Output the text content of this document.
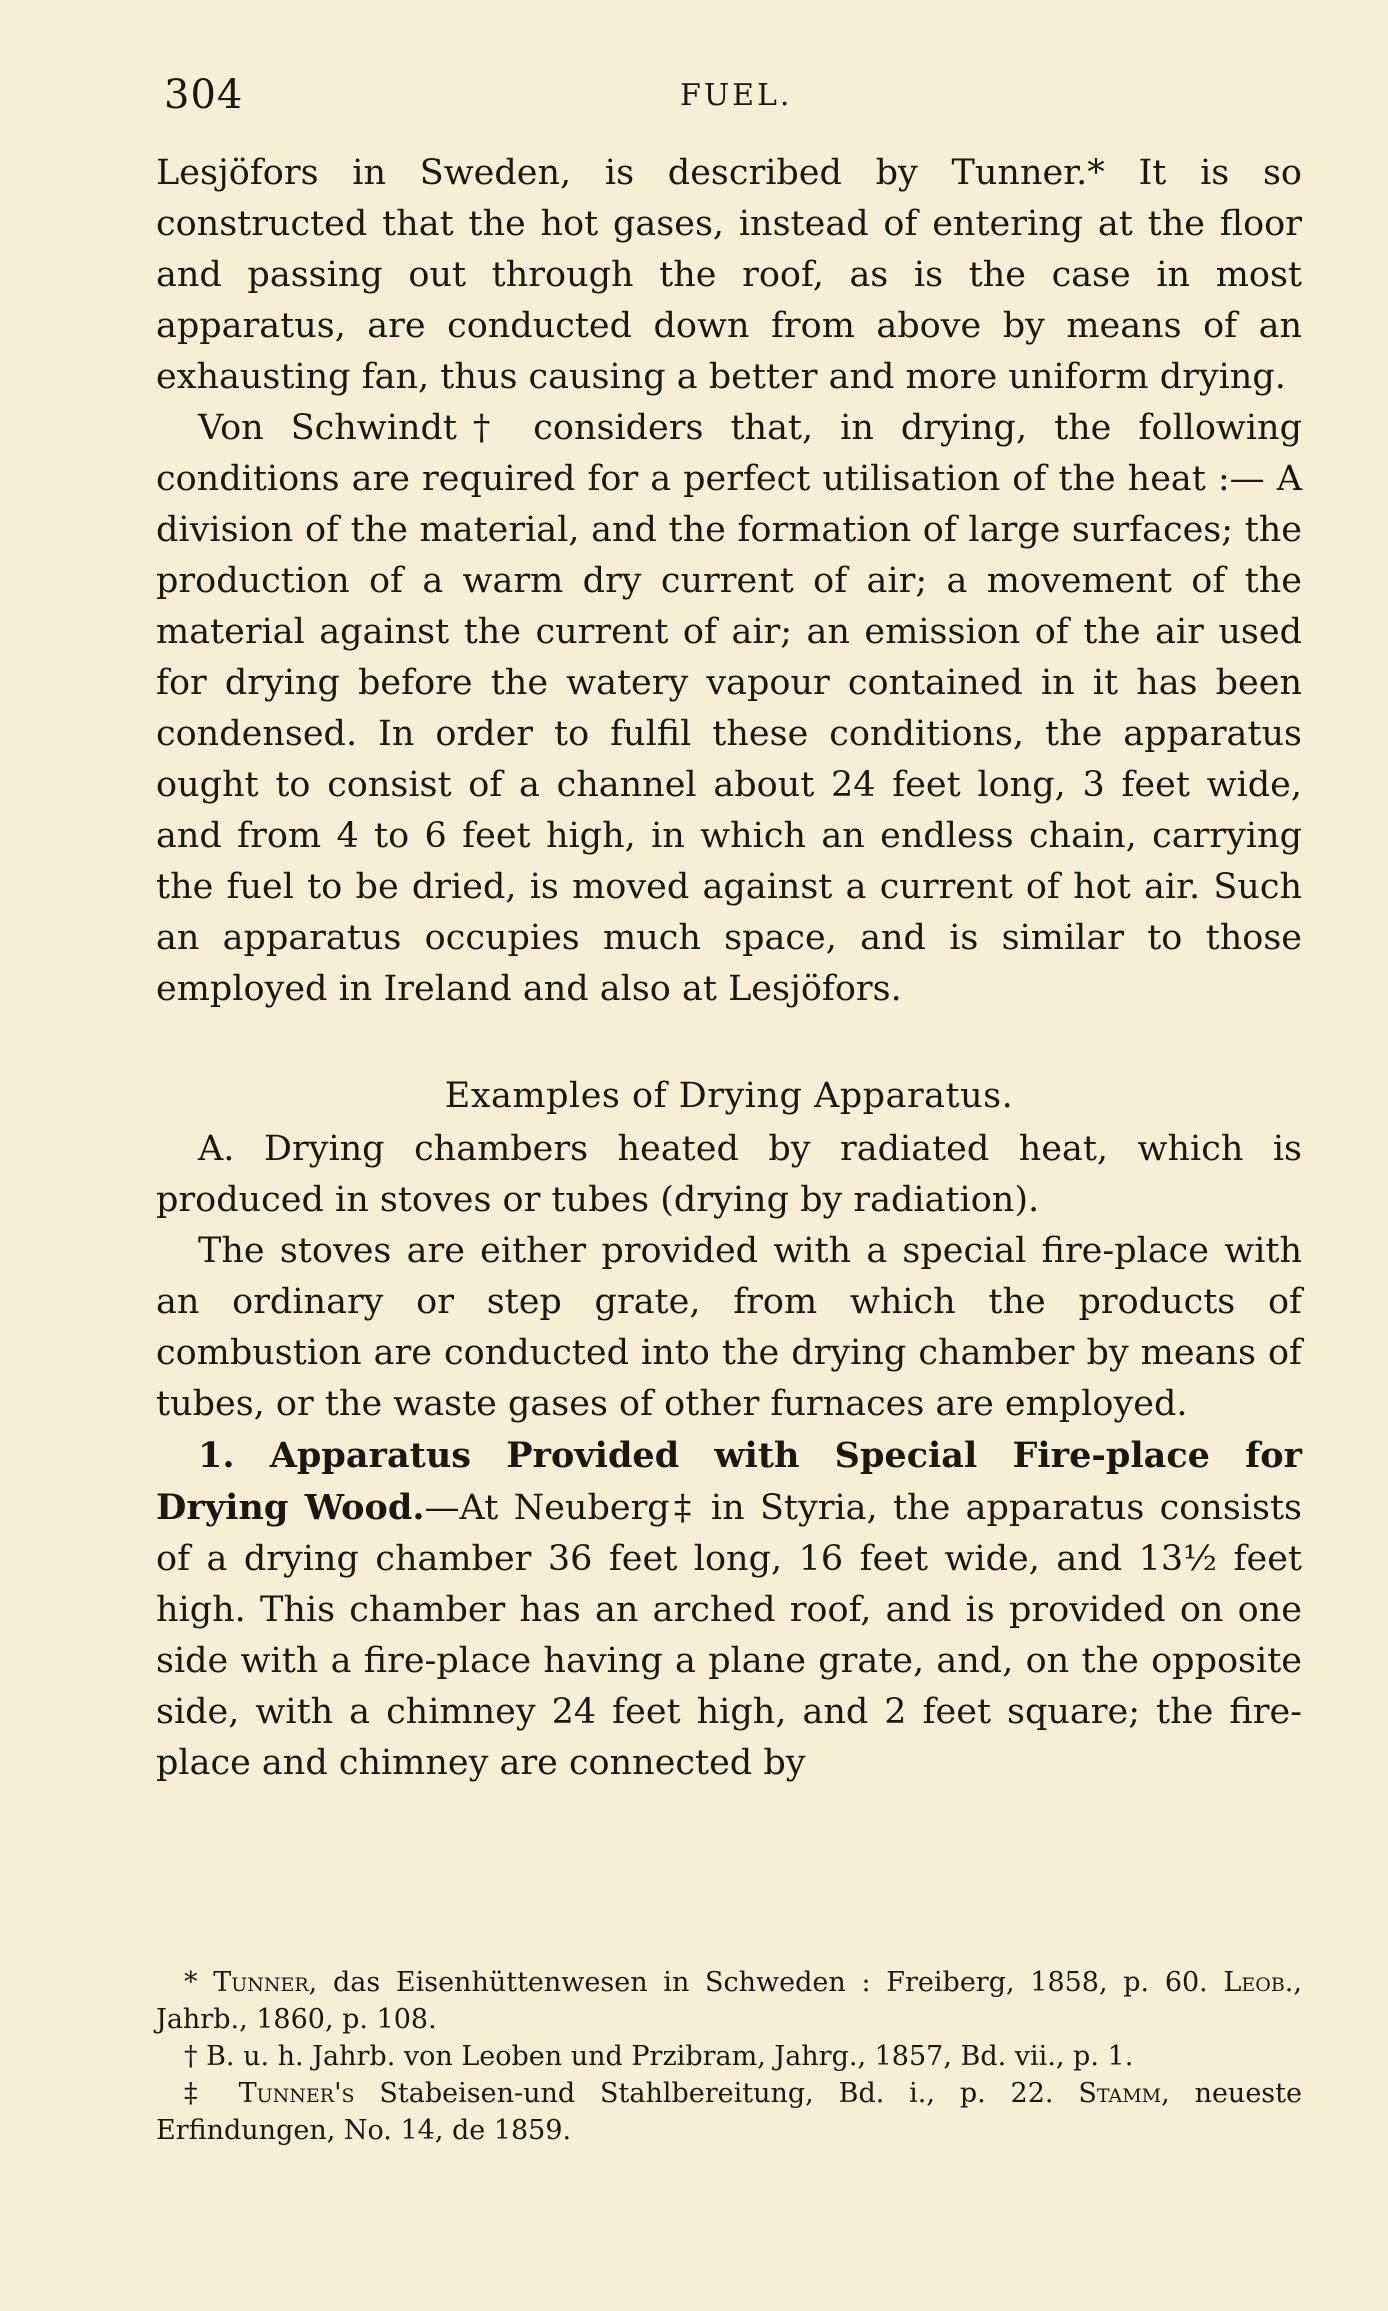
304	FUEL.

Lesjöfors in Sweden, is described by Tunner.* It is so constructed that the hot gases, instead of entering at the floor and passing out through the roof, as is the case in most apparatus, are conducted down from above by means of an exhausting fan, thus causing a better and more uniform drying.

Von Schwindt† considers that, in drying, the following conditions are required for a perfect utilisation of the heat :— A division of the material, and the formation of large surfaces; the production of a warm dry current of air; a movement of the material against the current of air; an emission of the air used for drying before the watery vapour contained in it has been condensed. In order to fulfil these conditions, the apparatus ought to consist of a channel about 24 feet long, 3 feet wide, and from 4 to 6 feet high, in which an endless chain, carrying the fuel to be dried, is moved against a current of hot air. Such an apparatus occupies much space, and is similar to those employed in Ireland and also at Lesjöfors.

Examples of Drying Apparatus.

A. Drying chambers heated by radiated heat, which is produced in stoves or tubes (drying by radiation).

The stoves are either provided with a special fire-place with an ordinary or step grate, from which the products of combustion are conducted into the drying chamber by means of tubes, or the waste gases of other furnaces are employed.

1. Apparatus Provided with Special Fire-place for Drying Wood.—At Neuberg‡ in Styria, the apparatus consists of a drying chamber 36 feet long, 16 feet wide, and 13½ feet high. This chamber has an arched roof, and is provided on one side with a fire-place having a plane grate, and, on the opposite side, with a chimney 24 feet high, and 2 feet square; the fire-place and chimney are connected by

* Tunner, das Eisenhüttenwesen in Schweden : Freiberg, 1858, p. 60. Leob., Jahrb., 1860, p. 108.

† B. u. h. Jahrb. von Leoben und Przibram, Jahrg., 1857, Bd. vii., p. 1.

‡ Tunner's Stabeisen-und Stahlbereitung, Bd. i., p. 22. Stamm, neueste Erfindungen, No. 14, de 1859.
